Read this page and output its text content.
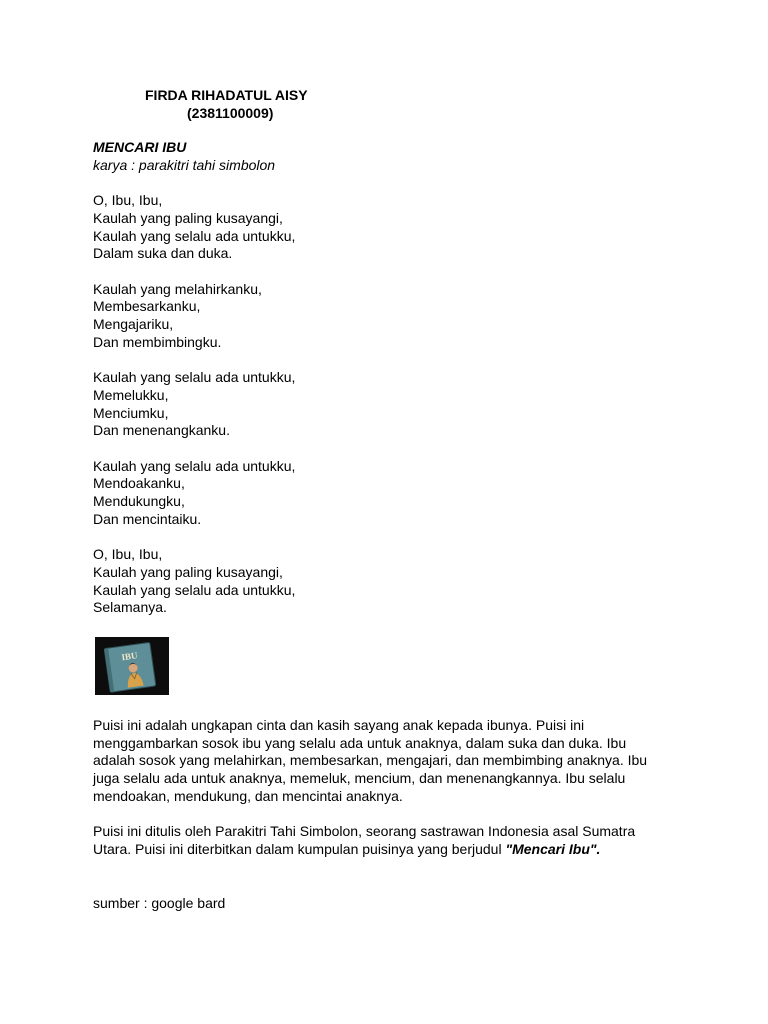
FIRDA RIHADATUL AISY
(2381100009)
MENCARI IBU
karya : parakitri tahi simbolon
O, Ibu, Ibu,
Kaulah yang paling kusayangi,
Kaulah yang selalu ada untukku,
Dalam suka dan duka.
Kaulah yang melahirkanku,
Membesarkanku,
Mengajariku,
Dan membimbingku.
Kaulah yang selalu ada untukku,
Memelukku,
Menciumku,
Dan menenangkanku.
Kaulah yang selalu ada untukku,
Mendoakanku,
Mendukungku,
Dan mencintaiku.
O, Ibu, Ibu,
Kaulah yang paling kusayangi,
Kaulah yang selalu ada untukku,
Selamanya.
IBU

Puisi ini adalah ungkapan cinta dan kasih sayang anak kepada ibunya. Puisi ini menggambarkan sosok ibu yang selalu ada untuk anaknya, dalam suka dan duka. Ibu adalah sosok yang melahirkan, membesarkan, mengajari, dan membimbing anaknya. Ibu juga selalu ada untuk anaknya, memeluk, mencium, dan menenangkannya. Ibu selalu mendoakan, mendukung, dan mencintai anaknya.

Puisi ini ditulis oleh Parakitri Tahi Simbolon, seorang sastrawan Indonesia asal Sumatra Utara. Puisi ini diterbitkan dalam kumpulan puisinya yang berjudul "Mencari Ibu".

sumber : google bard
